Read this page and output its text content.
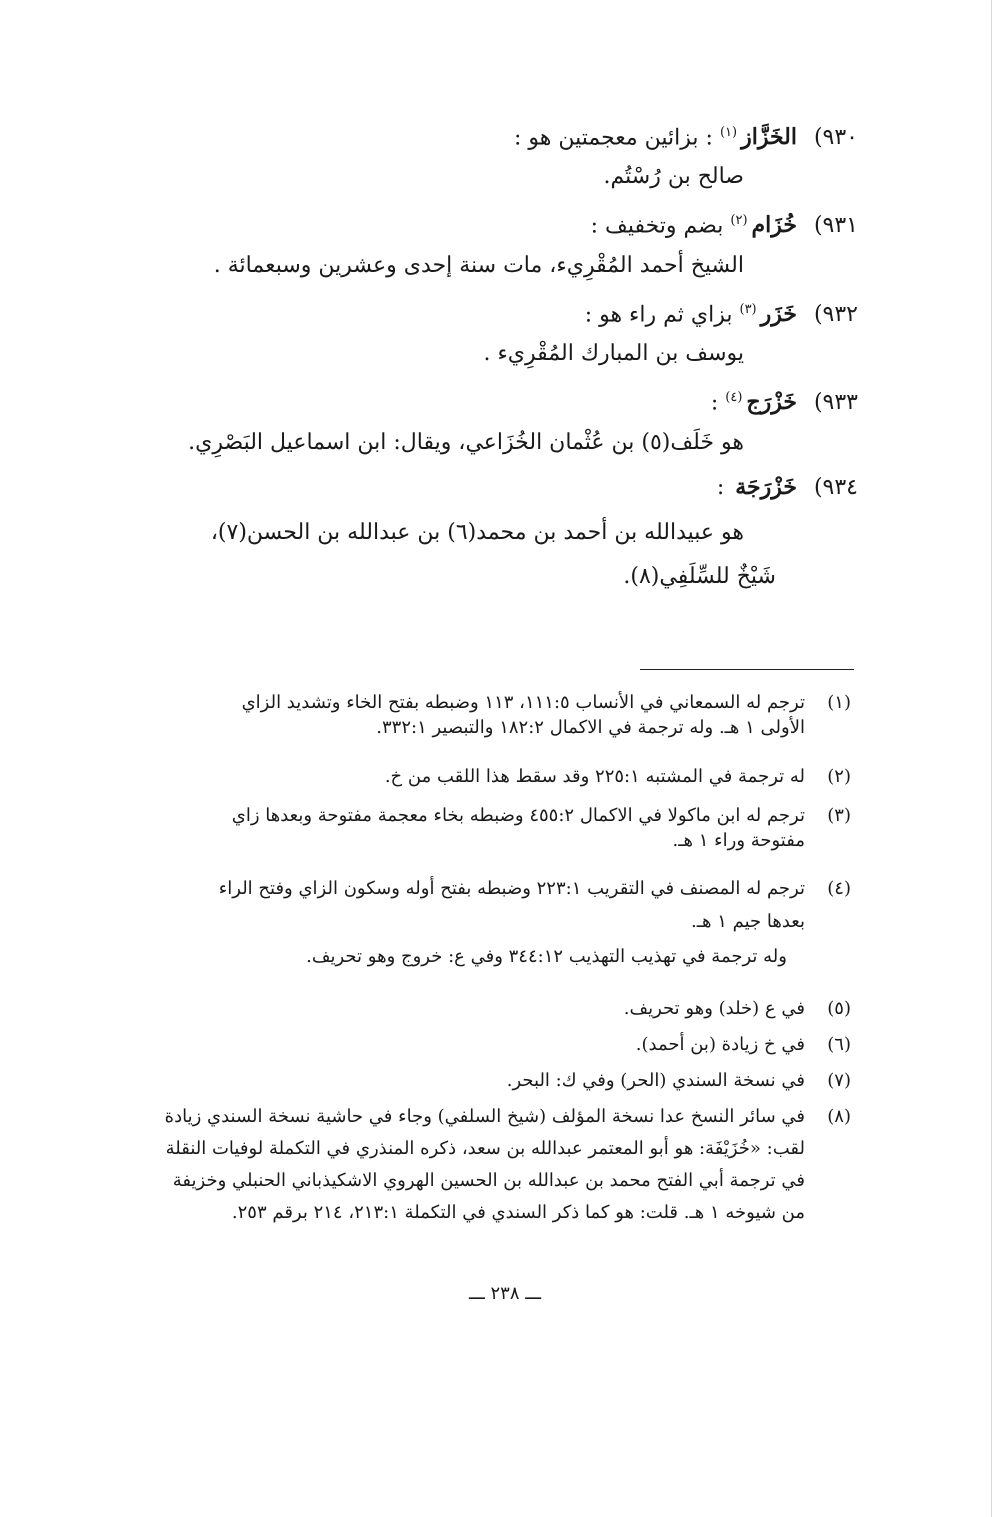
٩٣٠) الخَزَّاز$^{(١)}$ : بزائين معجمتين هو :
صالح بن رُسْتُم.
٩٣١) خُزَام$^{(٢)}$ بضم وتخفيف :
الشيخ أحمد المُقْرِيء، مات سنة إحدى وعشرين وسبعمائة .
٩٣٢) خَزَر$^{(٣)}$ بزاي ثم راء هو :
يوسف بن المبارك المُقْرِيء .
٩٣٣) خَزْرَج$^{(٤)}$ :
هو خَلَف(٥) بن عُثْمان الخُزَاعي، ويقال: ابن اسماعيل البَصْرِي.
٩٣٤) خَزْرَجَة :
هو عبيدالله بن أحمد بن محمد(٦) بن عبدالله بن الحسن(٧)،
شَيْخٌ للسِّلَفِي(٨).
(١)
ترجم له السمعاني في الأنساب ١١١:٥، ١١٣ وضبطه بفتح الخاء وتشديد الزاي
الأولى ١ هـ. وله ترجمة في الاكمال ١٨٢:٢ والتبصير ٣٣٢:١.
(٢)
له ترجمة في المشتبه ٢٢٥:١ وقد سقط هذا اللقب من خ.
(٣)
ترجم له ابن ماكولا في الاكمال ٤٥٥:٢ وضبطه بخاء معجمة مفتوحة وبعدها زاي
مفتوحة وراء ١ هـ.
(٤)
ترجم له المصنف في التقريب ٢٢٣:١ وضبطه بفتح أوله وسكون الزاي وفتح الراء
بعدها جيم ١ هـ.
وله ترجمة في تهذيب التهذيب ٣٤٤:١٢ وفي ع: خروج وهو تحريف.
(٥)
في ع (خلد) وهو تحريف.
(٦)
في خ زيادة (بن أحمد).
(٧)
في نسخة السندي (الحر) وفي ك: البحر.
(٨)
في سائر النسخ عدا نسخة المؤلف (شيخ السلفي) وجاء في حاشية نسخة السندي زيادة
لقب: «خُزَيْفَة: هو أبو المعتمر عبدالله بن سعد، ذكره المنذري في التكملة لوفيات النقلة
في ترجمة أبي الفتح محمد بن عبدالله بن الحسين الهروي الاشكيذباني الحنبلي وخزيفة
من شيوخه ١ هـ. قلت: هو كما ذكر السندي في التكملة ٢١٣:١، ٢١٤ برقم ٢٥٣.
ـــ ٢٣٨ ـــ
